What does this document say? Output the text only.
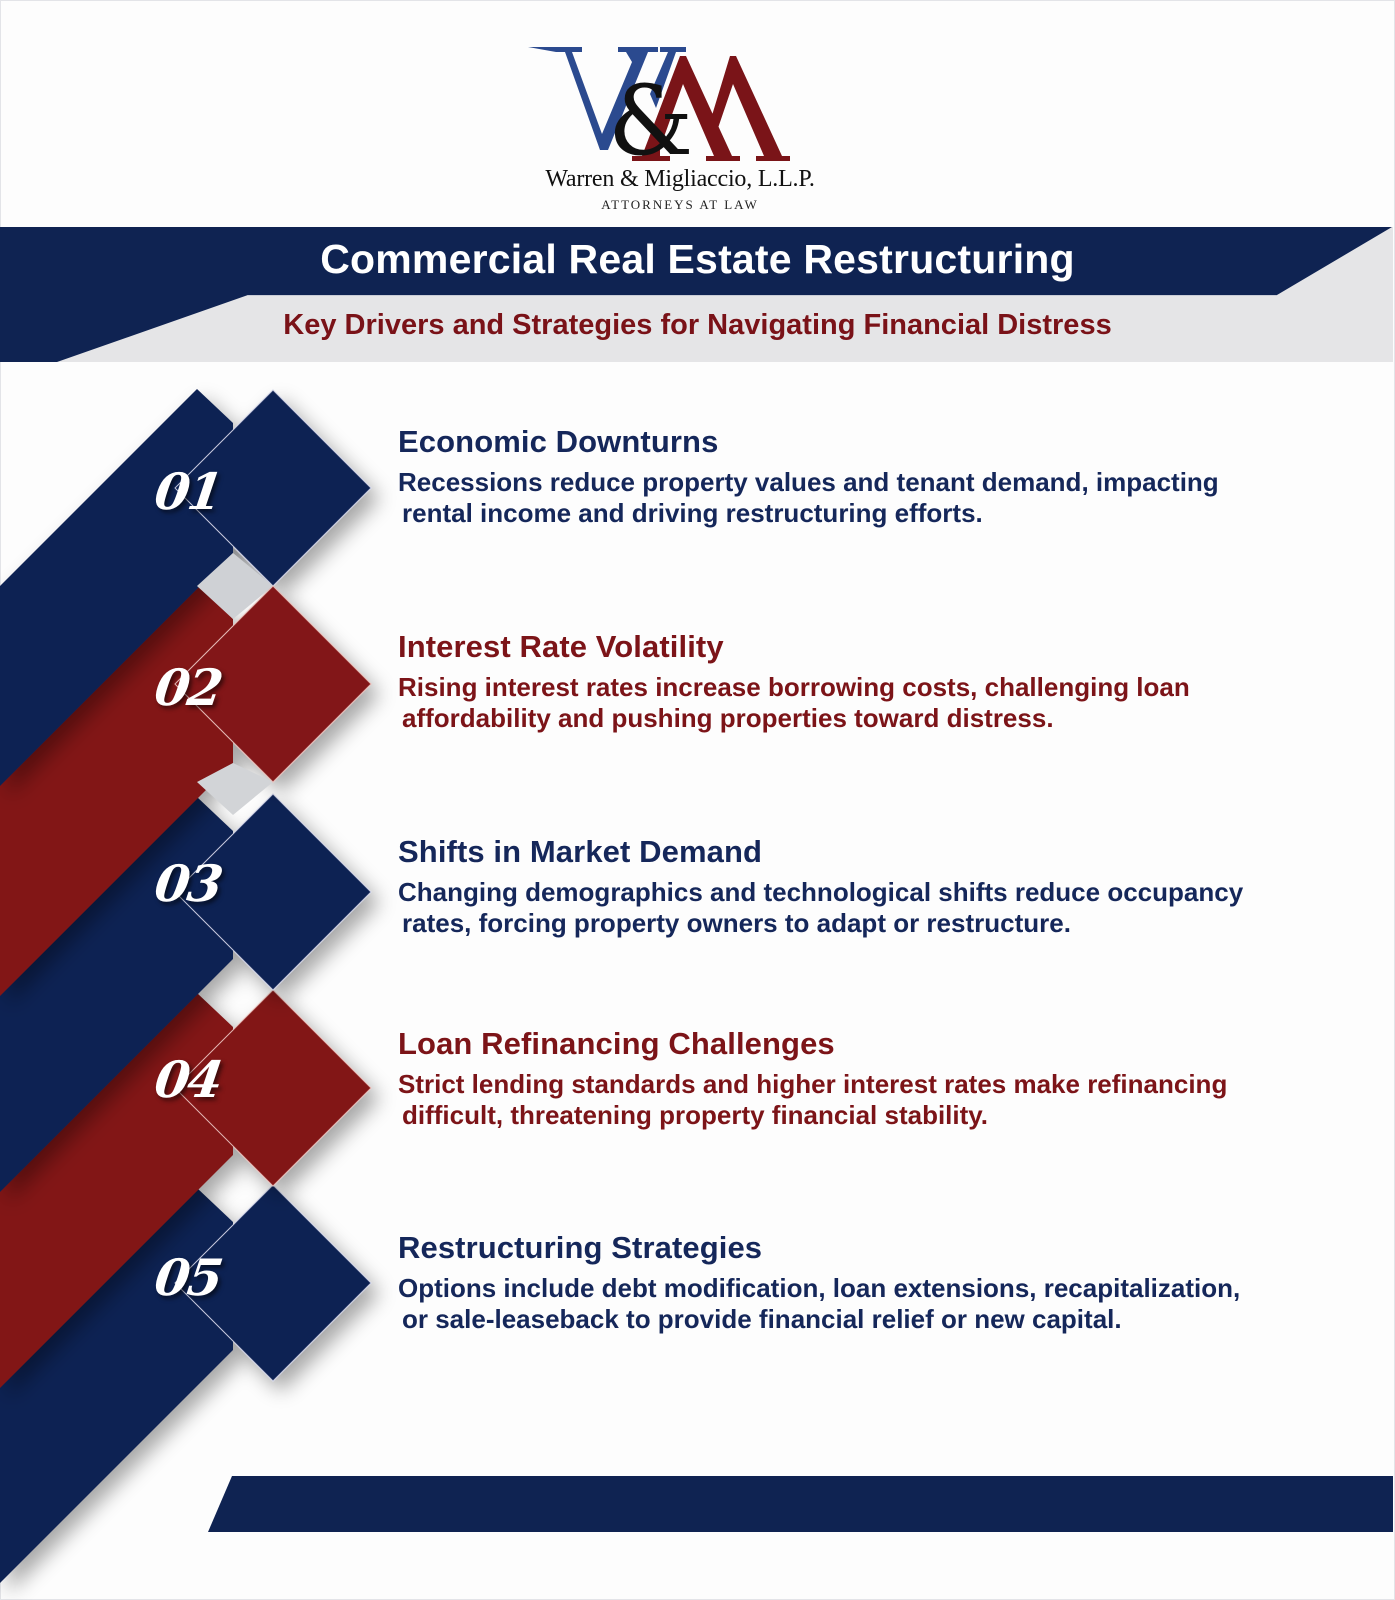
&
Warren & Migliaccio, L.L.P.
ATTORNEYS AT LAW
Commercial Real Estate Restructuring
Key Drivers and Strategies for Navigating Financial Distress
01
02
03
04
05
Economic Downturns
Recessions reduce property values and tenant demand, impacting
rental income and driving restructuring efforts.
Interest Rate Volatility
Rising interest rates increase borrowing costs, challenging loan
affordability and pushing properties toward distress.
Shifts in Market Demand
Changing demographics and technological shifts reduce occupancy
rates, forcing property owners to adapt or restructure.
Loan Refinancing Challenges
Strict lending standards and higher interest rates make refinancing
difficult, threatening property financial stability.
Restructuring Strategies
Options include debt modification, loan extensions, recapitalization,
or sale-leaseback to provide financial relief or new capital.
